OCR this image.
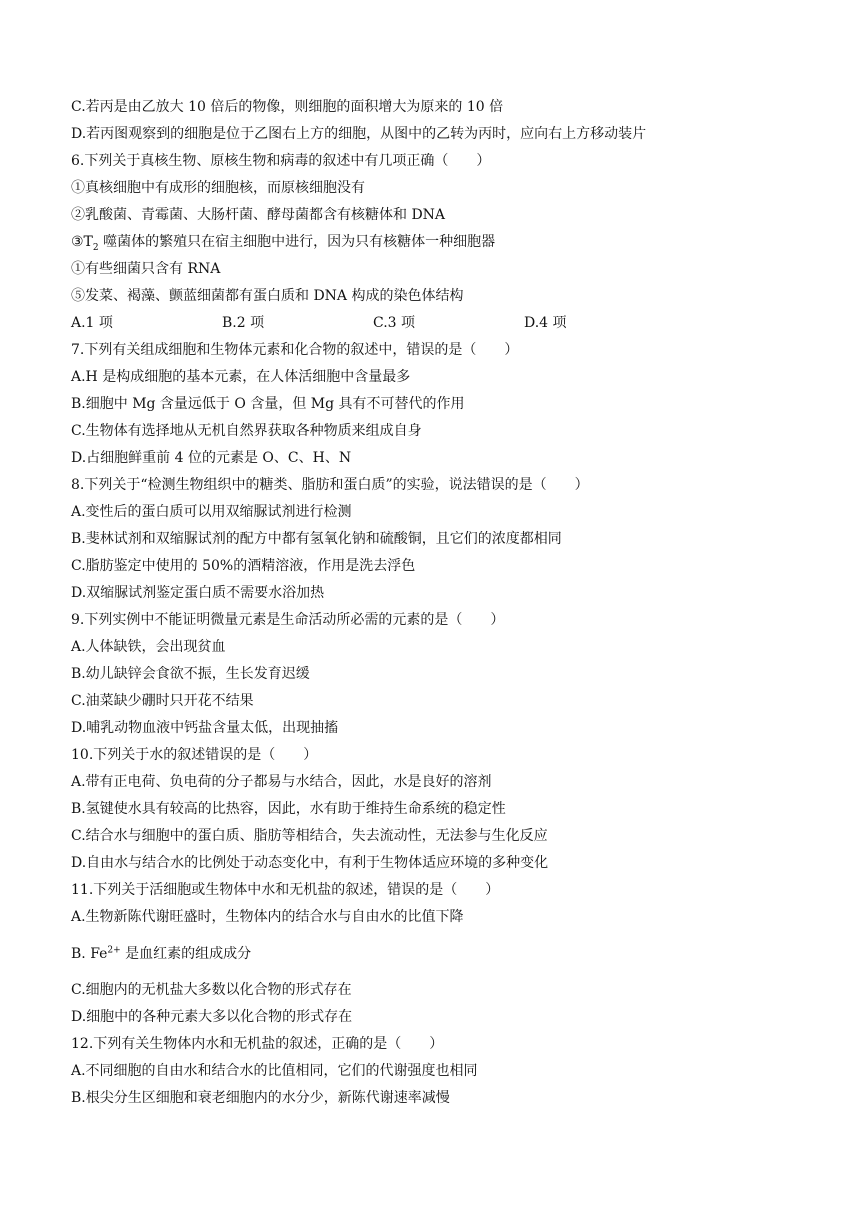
C.若丙是由乙放大 10 倍后的物像，则细胞的面积增大为原来的 10 倍
D.若丙图观察到的细胞是位于乙图右上方的细胞，从图中的乙转为丙时，应向右上方移动装片
6.下列关于真核生物、原核生物和病毒的叙述中有几项正确（　　）
①真核细胞中有成形的细胞核，而原核细胞没有
②乳酸菌、青霉菌、大肠杆菌、酵母菌都含有核糖体和 DNA
$③T_2$ 噬菌体的繁殖只在宿主细胞中进行，因为只有核糖体一种细胞器
①有些细菌只含有 RNA
⑤发菜、褐藻、颤蓝细菌都有蛋白质和 DNA 构成的染色体结构
A.1 项	B.2 项	C.3 项	D.4 项
7.下列有关组成细胞和生物体元素和化合物的叙述中，错误的是（　　）
A.H 是构成细胞的基本元素，在人体活细胞中含量最多
B.细胞中 Mg 含量远低于 O 含量，但 Mg 具有不可替代的作用
C.生物体有选择地从无机自然界获取各种物质来组成自身
D.占细胞鲜重前 4 位的元素是 O、C、H、N
8.下列关于“检测生物组织中的糖类、脂肪和蛋白质”的实验，说法错误的是（　　）
A.变性后的蛋白质可以用双缩脲试剂进行检测
B.斐林试剂和双缩脲试剂的配方中都有氢氧化钠和硫酸铜，且它们的浓度都相同
C.脂肪鉴定中使用的 50%的酒精溶液，作用是洗去浮色
D.双缩脲试剂鉴定蛋白质不需要水浴加热
9.下列实例中不能证明微量元素是生命活动所必需的元素的是（　　）
A.人体缺铁，会出现贫血
B.幼儿缺锌会食欲不振，生长发育迟缓
C.油菜缺少硼时只开花不结果
D.哺乳动物血液中钙盐含量太低，出现抽搐
10.下列关于水的叙述错误的是（　　）
A.带有正电荷、负电荷的分子都易与水结合，因此，水是良好的溶剂
B.氢键使水具有较高的比热容，因此，水有助于维持生命系统的稳定性
C.结合水与细胞中的蛋白质、脂肪等相结合，失去流动性，无法参与生化反应
D.自由水与结合水的比例处于动态变化中，有利于生物体适应环境的多种变化
11.下列关于活细胞或生物体中水和无机盐的叙述，错误的是（　　）
A.生物新陈代谢旺盛时，生物体内的结合水与自由水的比值下降
B. $Fe^{2+}$ 是血红素的组成成分
C.细胞内的无机盐大多数以化合物的形式存在
D.细胞中的各种元素大多以化合物的形式存在
12.下列有关生物体内水和无机盐的叙述，正确的是（　　）
A.不同细胞的自由水和结合水的比值相同，它们的代谢强度也相同
B.根尖分生区细胞和衰老细胞内的水分少，新陈代谢速率减慢
